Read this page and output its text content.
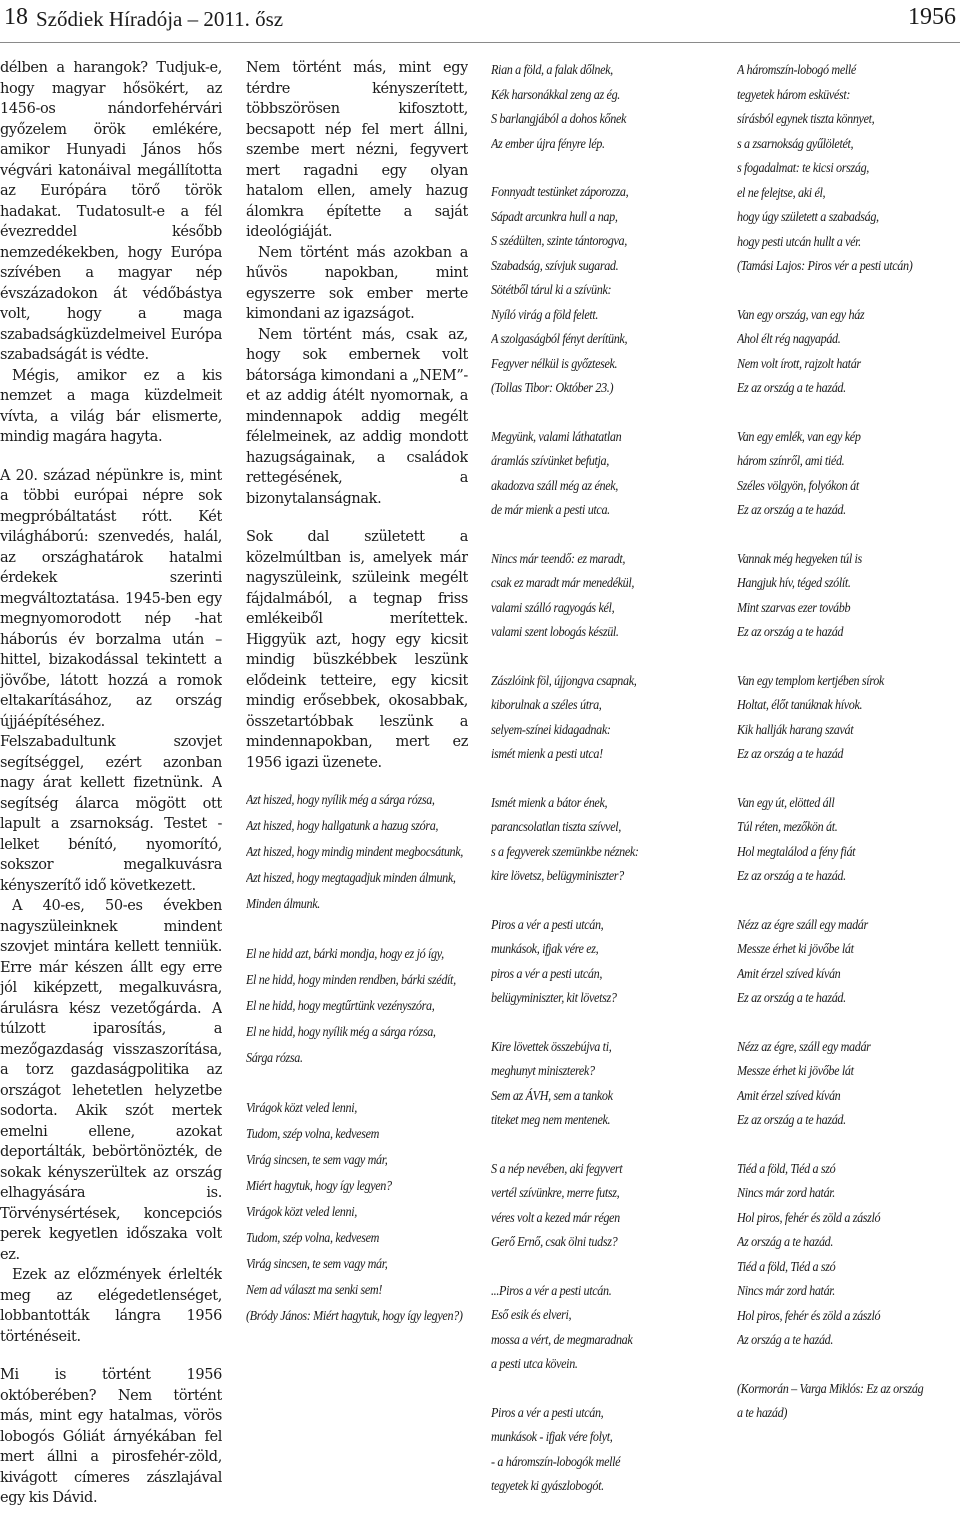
18 Sződiek Híradója – 2011. ősz	1956

délben a harangok? Tudjuk-e, hogy magyar hősökért, az 1456-os nándorfehérvári győzelem örök emlékére, amikor Hunyadi János hős végvári katonáival megállította az Európára törő török hadakat. Tudatosult-e a fél évezreddel később nemzedékekben, hogy Európa szívében a magyar nép évszázadokon át védőbástya volt, hogy a maga szabadságküzdelmeivel Európa szabadságát is védte.

Mégis, amikor ez a kis nemzet a maga küzdelmeit vívta, a világ bár elismerte, mindig magára hagyta.

A 20. század népünkre is, mint a többi európai népre sok megpróbáltatást rótt. Két világháború: szenvedés, halál, az országhatárok hatalmi érdekek szerinti megváltoztatása. 1945-ben egy megnyomorodott nép -hat háborús év borzalma után – hittel, bizakodással tekintett a jövőbe, látott hozzá a romok eltakarításához, az ország újjáépítéséhez. Felszabadultunk szovjet segítséggel, ezért azonban nagy árat kellett fizetnünk. A segítség álarca mögött ott lapult a zsarnokság. Testet - lelket bénító, nyomorító, sokszor megalkuvásra kényszerítő idő következett.

A 40-es, 50-es években nagyszüleinknek mindent szovjet mintára kellett tenniük. Erre már készen állt egy erre jól kiképzett, megalkuvásra, árulásra kész vezetőgárda. A túlzott iparosítás, a mezőgazdaság visszaszorítása, a torz gazdaságpolitika az országot lehetetlen helyzetbe sodorta. Akik szót mertek emelni ellene, azokat deportálták, bebörtönözték, de sokak kényszerültek az ország elhagyására is. Törvénysértések, koncepciós perek kegyetlen időszaka volt ez.

Ezek az előzmények érlelték meg az elégedetlenséget, lobbantották lángra 1956 történéseit.

Mi is történt 1956 októberében? Nem történt más, mint egy hatalmas, vörös lobogós Góliát árnyékában fel mert állni a pirosfehér-zöld, kivágott címeres zászlajával egy kis Dávid.

Nem történt más, mint egy térdre kényszerített, többszörösen kifosztott, becsapott nép fel mert állni, szembe mert nézni, fegyvert mert ragadni egy olyan hatalom ellen, amely hazug álomkra építette a saját ideológiáját.

Nem történt más azokban a hűvös napokban, mint egyszerre sok ember merte kimondani az igazságot.

Nem történt más, csak az, hogy sok embernek volt bátorsága kimondani a „NEM”-et az addig átélt nyomornak, a mindennapok addig megélt félelmeinek, az addig mondott hazugságainak, a családok rettegésének, a bizonytalanságnak.

Sok dal született a közelmúltban is, amelyek már nagyszüleink, szüleink megélt fájdalmából, a tegnap friss emlékeiből merítettek. Higgyük azt, hogy egy kicsit mindig büszkébbek leszünk elődeink tetteire, egy kicsit mindig erősebbek, okosabbak, összetartóbbak leszünk a mindennapokban, mert ez 1956 igazi üzenete.

Azt hiszed, hogy nyílik még a sárga rózsa,

Azt hiszed, hogy hallgatunk a hazug szóra,

Azt hiszed, hogy mindig mindent megbocsátunk,

Azt hiszed, hogy megtagadjuk minden álmunk,

Minden álmunk.

El ne hidd azt, bárki mondja, hogy ez jó így,

El ne hidd, hogy minden rendben, bárki szédít,

El ne hidd, hogy megtűrtünk vezényszóra,

El ne hidd, hogy nyílik még a sárga rózsa,

Sárga rózsa.

Virágok közt veled lenni,

Tudom, szép volna, kedvesem

Virág sincsen, te sem vagy már,

Miért hagytuk, hogy így legyen?

Virágok közt veled lenni,

Tudom, szép volna, kedvesem

Virág sincsen, te sem vagy már,

Nem ad választ ma senki sem!

(Bródy János: Miért hagytuk, hogy így legyen?)

Rian a föld, a falak dőlnek,

Kék harsonákkal zeng az ég.

S barlangjából a dohos kőnek

Az ember újra fényre lép.

Fonnyadt testünket záporozza,

Sápadt arcunkra hull a nap,

S szédülten, szinte tántorogva,

Szabadság, szívjuk sugarad.

Sötétből tárul ki a szívünk:

Nyíló virág a föld felett.

A szolgaságból fényt derítünk,

Fegyver nélkül is győztesek.

(Tollas Tibor: Október 23.)

Megyünk, valami láthatatlan

áramlás szívünket befutja,

akadozva száll még az ének,

de már mienk a pesti utca.

Nincs már teendő: ez maradt,

csak ez maradt már menedékül,

valami szálló ragyogás kél,

valami szent lobogás készül.

Zászlóink föl, újjongva csapnak,

kiborulnak a széles útra,

selyem-színei kidagadnak:

ismét mienk a pesti utca!

Ismét mienk a bátor ének,

parancsolatlan tiszta szívvel,

s a fegyverek szemünkbe néznek:

kire lövetsz, belügyminiszter?

Piros a vér a pesti utcán,

munkások, ifjak vére ez,

piros a vér a pesti utcán,

belügyminiszter, kit lövetsz?

Kire lövettek összebújva ti,

meghunyt miniszterek?

Sem az ÁVH, sem a tankok

titeket meg nem mentenek.

S a nép nevében, aki fegyvert

vertél szívünkre, merre futsz,

véres volt a kezed már régen

Gerő Ernő, csak ölni tudsz?

...Piros a vér a pesti utcán.

Eső esik és elveri,

mossa a vért, de megmaradnak

a pesti utca kövein.

Piros a vér a pesti utcán,

munkások - ifjak vére folyt,

- a háromszín-lobogók mellé

tegyetek ki gyászlobogót.

A háromszín-lobogó mellé

tegyetek három esküvést:

sírásból egynek tiszta könnyet,

s a zsarnokság gyűlöletét,

s fogadalmat: te kicsi ország,

el ne felejtse, aki él,

hogy úgy született a szabadság,

hogy pesti utcán hullt a vér.

(Tamási Lajos: Piros vér a pesti utcán)

Van egy ország, van egy ház

Ahol élt rég nagyapád.

Nem volt írott, rajzolt határ

Ez az ország a te hazád.

Van egy emlék, van egy kép

három színről, ami tiéd.

Széles völgyön, folyókon át

Ez az ország a te hazád.

Vannak még hegyeken túl is

Hangjuk hív, téged szólít.

Mint szarvas ezer tovább

Ez az ország a te hazád

Van egy templom kertjében sírok

Holtat, élőt tanúknak hívok.

Kik hallják harang szavát

Ez az ország a te hazád

Van egy út, elötted áll

Túl réten, mezőkön át.

Hol megtalálod a fény fiát

Ez az ország a te hazád.

Nézz az égre száll egy madár

Messze érhet ki jövőbe lát

Amit érzel szíved kíván

Ez az ország a te hazád.

Nézz az égre, száll egy madár

Messze érhet ki jövőbe lát

Amit érzel szíved kíván

Ez az ország a te hazád.

Tiéd a föld, Tiéd a szó

Nincs már zord határ.

Hol piros, fehér és zöld a zászló

Az ország a te hazád.

Tiéd a föld, Tiéd a szó

Nincs már zord határ.

Hol piros, fehér és zöld a zászló

Az ország a te hazád.

(Kormorán – Varga Miklós: Ez az ország

a te hazád)
